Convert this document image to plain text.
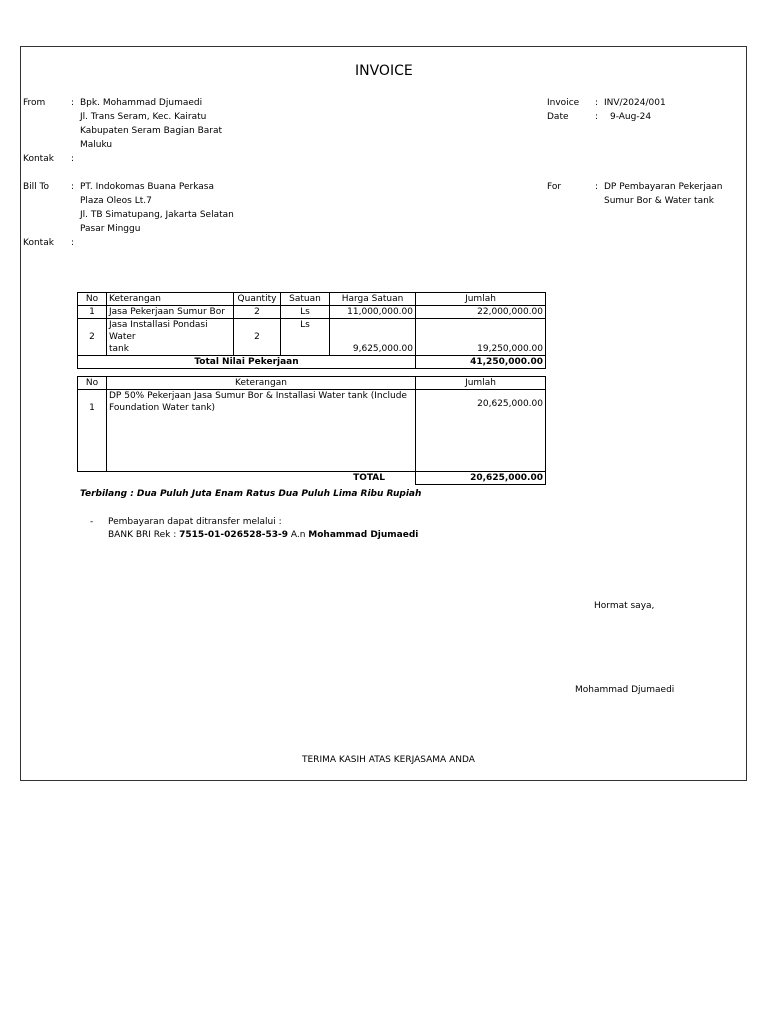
INVOICE
From	: Bpk. Mohammad Djumaedi
Jl. Trans Seram, Kec. Kairatu
Kabupaten Seram Bagian Barat
Maluku
Kontak :
Bill To : PT. Indokomas Buana Perkasa
Plaza Oleos Lt.7
Jl. TB Simatupang, Jakarta Selatan
Pasar Minggu
Kontak :
Invoice : INV/2024/001
Date	: 9-Aug-24
For	: DP Pembayaran Pekerjaan
Sumur Bor & Water tank
No	Keterangan	Quantity	Satuan	Harga Satuan	Jumlah
1	Jasa Pekerjaan Sumur Bor	2	Ls	11,000,000.00	22,000,000.00
2	Jasa Installasi Pondasi Water
tank	2	Ls	9,625,000.00	19,250,000.00
Total Nilai Pekerjaan					41,250,000.00
No	Keterangan	Jumlah
1	DP 50% Pekerjaan Jasa Sumur Bor & Installasi Water tank (Include
Foundation Water tank)	20,625,000.00
	TOTAL	20,625,000.00
Terbilang : Dua Puluh Juta Enam Ratus Dua Puluh Lima Ribu Rupiah
- Pembayaran dapat ditransfer melalui :
BANK BRI Rek : 7515-01-026528-53-9 A.n Mohammad Djumaedi
Hormat saya,
Mohammad Djumaedi
TERIMA KASIH ATAS KERJASAMA ANDA
